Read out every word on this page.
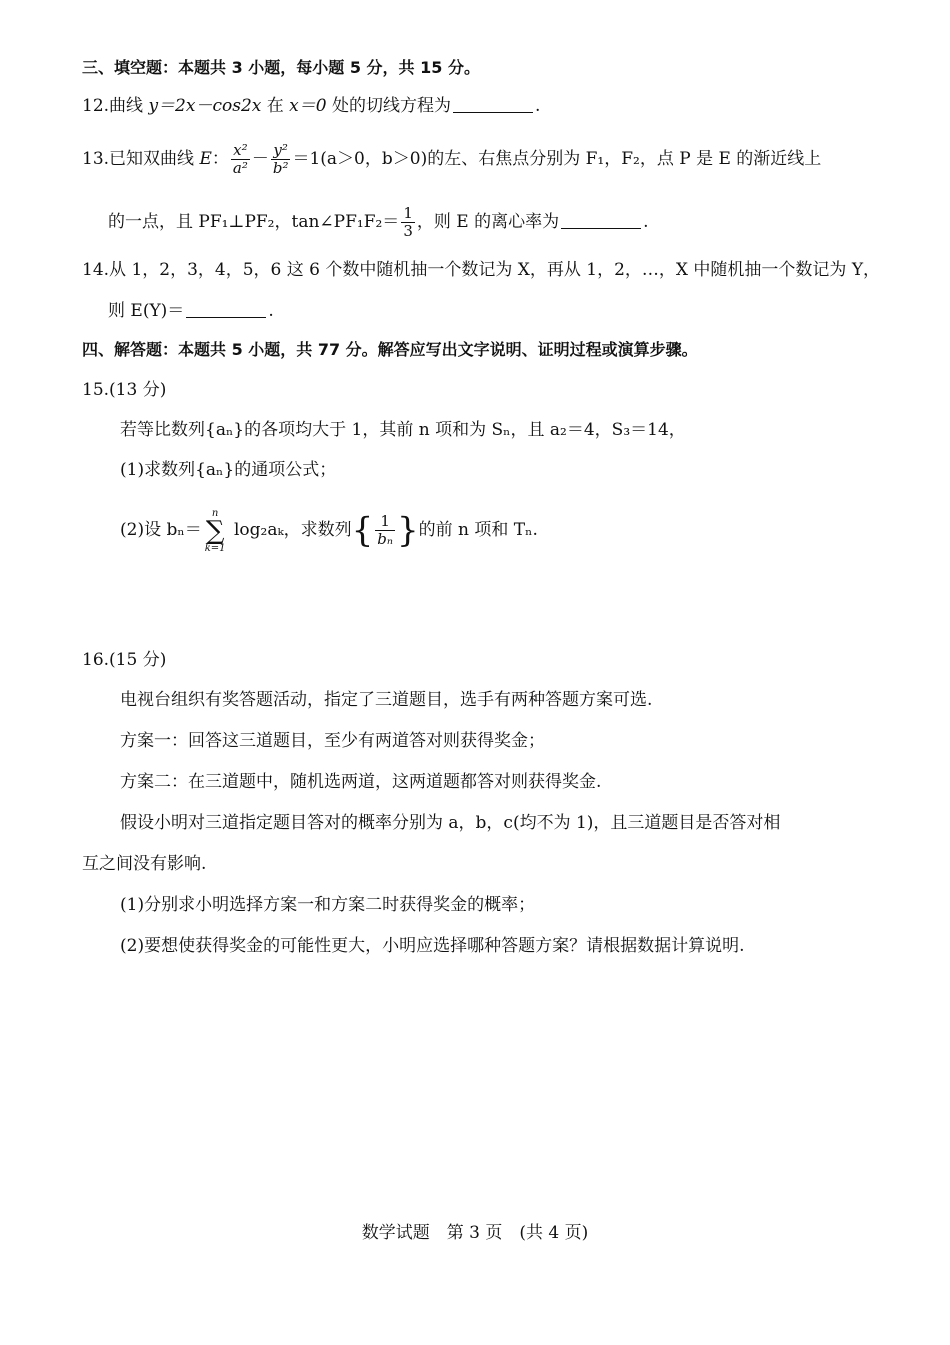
三、填空题：本题共 3 小题，每小题 5 分，共 15 分。
12.曲线 y＝2x－cos2x 在 x＝0 处的切线方程为	.
13.已知双曲线 E： $\frac{\text{x²}}{\text{a²}} - \frac{\text{y²}}{\text{b²}} =1(a>0$，b＞0)的左、右焦点分别为 F₁，F₂，点 P 是 E 的渐近线上
的一点，且 PF₁⊥PF₂，tan∠PF₁F₂＝ $\frac{1}{3}$ ，则 E 的离心率为	.
14.从 1，2，3，4，5，6 这 6 个数中随机抽一个数记为 X，再从 1，2，…，X 中随机抽一个数记为 Y，
则 E(Y)＝	.
四、解答题：本题共 5 小题，共 77 分。解答应写出文字说明、证明过程或演算步骤。
15.(13 分)
若等比数列{aₙ}的各项均大于 1，其前 n 项和为 Sₙ，且 a₂＝4，S₃＝14，
(1)求数列{aₙ}的通项公式；
(2)设 bₙ＝n
∑
k=1 log₂aₖ，求数列{ $\frac{1}{\text{bₙ}}$ }的前 n 项和 Tₙ.
16.(15 分)
电视台组织有奖答题活动，指定了三道题目，选手有两种答题方案可选.
方案一：回答这三道题目，至少有两道答对则获得奖金；
方案二：在三道题中，随机选两道，这两道题都答对则获得奖金.
假设小明对三道指定题目答对的概率分别为 a，b，c(均不为 1)，且三道题目是否答对相
互之间没有影响.
(1)分别求小明选择方案一和方案二时获得奖金的概率；
(2)要想使获得奖金的可能性更大，小明应选择哪种答题方案？请根据数据计算说明.
数学试题　第 3 页　(共 4 页)
